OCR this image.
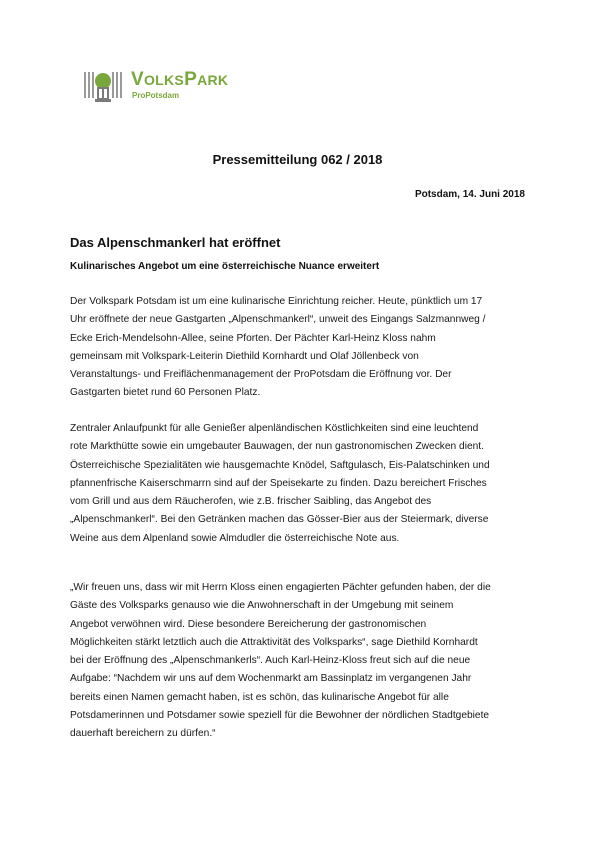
VOLKSPARK
ProPotsdam
Pressemitteilung 062 / 2018
Potsdam, 14. Juni 2018
Das Alpenschmankerl hat eröffnet
Kulinarisches Angebot um eine österreichische Nuance erweitert
Der Volkspark Potsdam ist um eine kulinarische Einrichtung reicher. Heute, pünktlich um 17
Uhr eröffnete der neue Gastgarten „Alpenschmankerl“, unweit des Eingangs Salzmannweg /
Ecke Erich-Mendelsohn-Allee, seine Pforten. Der Pächter Karl-Heinz Kloss nahm
gemeinsam mit Volkspark-Leiterin Diethild Kornhardt und Olaf Jöllenbeck von
Veranstaltungs- und Freiflächenmanagement der ProPotsdam die Eröffnung vor. Der
Gastgarten bietet rund 60 Personen Platz.
Zentraler Anlaufpunkt für alle Genießer alpenländischen Köstlichkeiten sind eine leuchtend
rote Markthütte sowie ein umgebauter Bauwagen, der nun gastronomischen Zwecken dient.
Österreichische Spezialitäten wie hausgemachte Knödel, Saftgulasch, Eis-Palatschinken und
pfannenfrische Kaiserschmarrn sind auf der Speisekarte zu finden. Dazu bereichert Frisches
vom Grill und aus dem Räucherofen, wie z.B. frischer Saibling, das Angebot des
„Alpenschmankerl“. Bei den Getränken machen das Gösser-Bier aus der Steiermark, diverse
Weine aus dem Alpenland sowie Almdudler die österreichische Note aus.
„Wir freuen uns, dass wir mit Herrn Kloss einen engagierten Pächter gefunden haben, der die
Gäste des Volksparks genauso wie die Anwohnerschaft in der Umgebung mit seinem
Angebot verwöhnen wird. Diese besondere Bereicherung der gastronomischen
Möglichkeiten stärkt letztlich auch die Attraktivität des Volksparks“, sage Diethild Kornhardt
bei der Eröffnung des „Alpenschmankerls“. Auch Karl-Heinz-Kloss freut sich auf die neue
Aufgabe: “Nachdem wir uns auf dem Wochenmarkt am Bassinplatz im vergangenen Jahr
bereits einen Namen gemacht haben, ist es schön, das kulinarische Angebot für alle
Potsdamerinnen und Potsdamer sowie speziell für die Bewohner der nördlichen Stadtgebiete
dauerhaft bereichern zu dürfen.“
